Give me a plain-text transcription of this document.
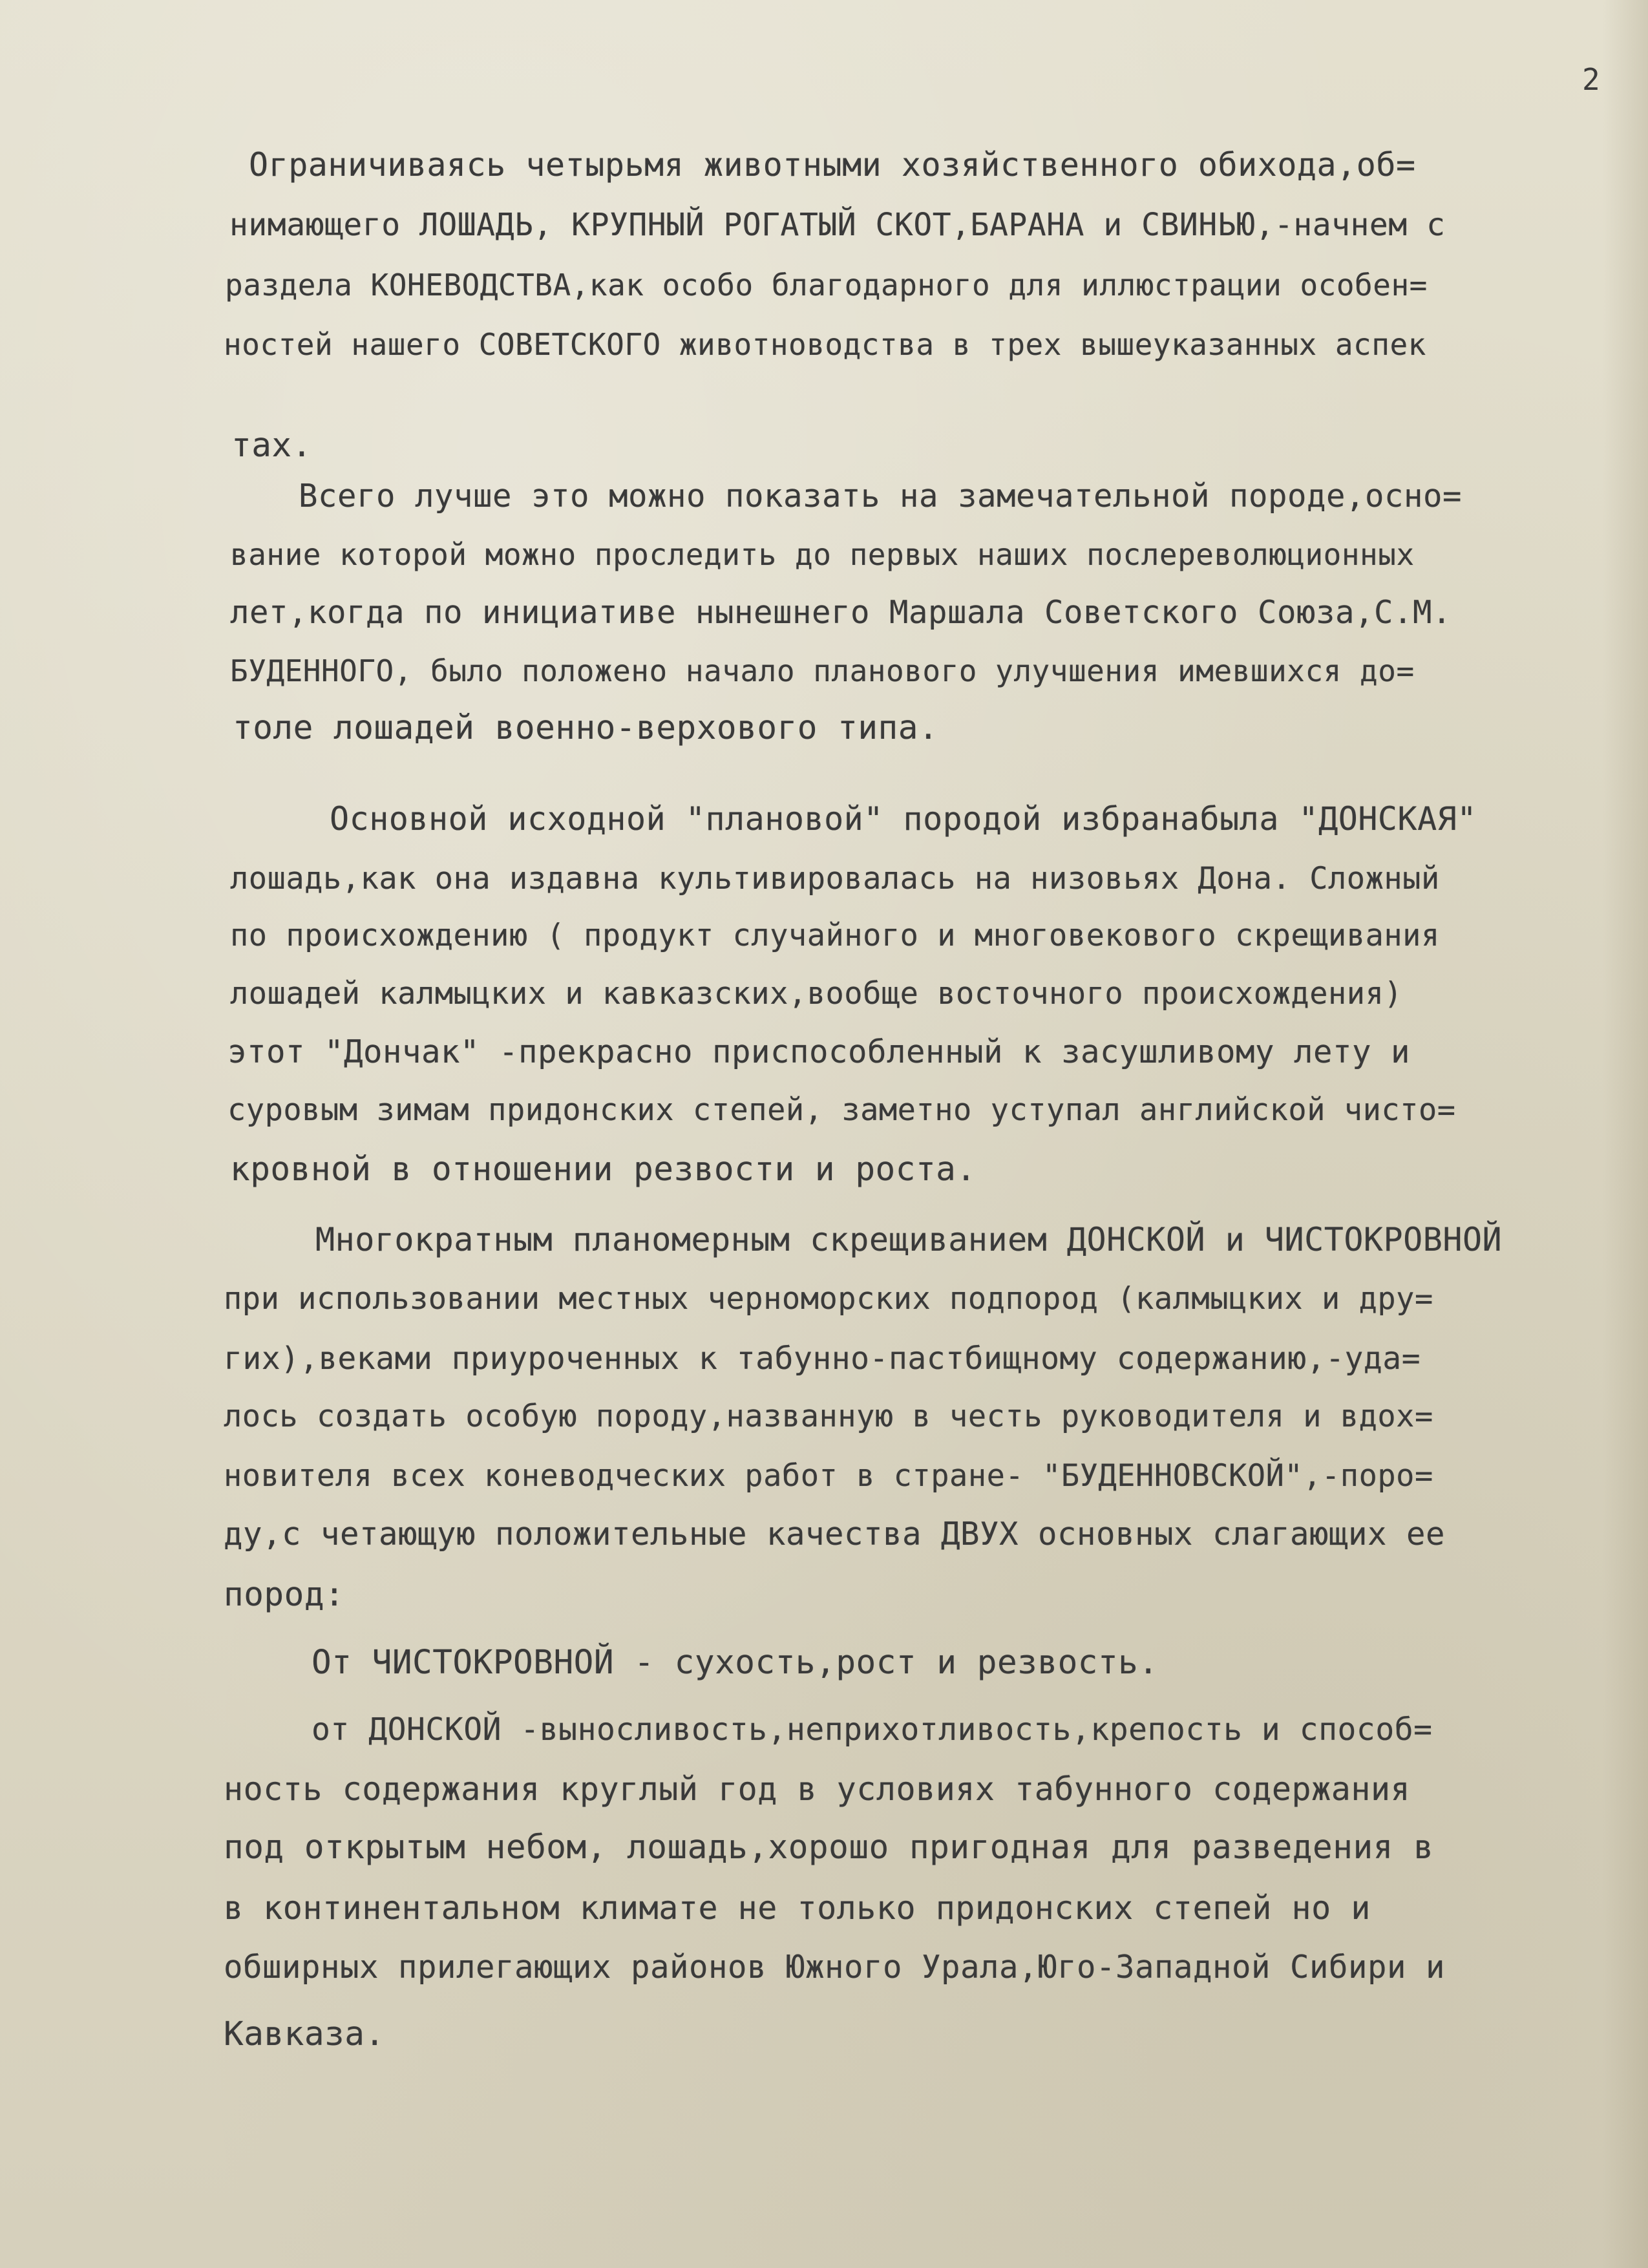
2
Ограничиваясь четырьмя животными хозяйственного обихода,об=
нимающего ЛОШАДЬ, КРУПНЫЙ РОГАТЫЙ СКОТ,БАРАНА и СВИНЬЮ,-начнем с
раздела КОНЕВОДСТВА,как особо благодарного для иллюстрации особен=
ностей нашего СОВЕТСКОГО животноводства в трех вышеуказанных аспек
тах.
Всего лучше это можно показать на замечательной породе,осно=
вание которой можно проследить до первых наших послереволюционных
лет,когда по инициативе нынешнего Маршала Советского Союза,С.М.
БУДЕННОГО, было положено начало планового улучшения имевшихся до=
толе лошадей военно-верхового типа.
Основной исходной "плановой" породой избранабыла "ДОНСКАЯ"
лошадь,как она издавна культивировалась на низовьях Дона. Сложный
по происхождению ( продукт случайного и многовекового скрещивания
лошадей калмыцких и кавказских,вообще восточного происхождения)
этот "Дончак" -прекрасно приспособленный к засушливому лету и
суровым зимам придонских степей, заметно уступал английской чисто=
кровной в отношении резвости и роста.
Многократным планомерным скрещиванием ДОНСКОЙ и ЧИСТОКРОВНОЙ
при использовании местных черноморских подпород (калмыцких и дру=
гих),веками приуроченных к табунно-пастбищному содержанию,-уда=
лось создать особую породу,названную в честь руководителя и вдох=
новителя всех коневодческих работ в стране- "БУДЕННОВСКОЙ",-поро=
ду,с четающую положительные качества ДВУХ основных слагающих ее
пород:
От ЧИСТОКРОВНОЙ - сухость,рост и резвость.
от ДОНСКОЙ -выносливость,неприхотливость,крепость и способ=
ность содержания круглый год в условиях табунного содержания
под открытым небом, лошадь,хорошо пригодная для разведения в
в континентальном климате не только придонских степей но и
обширных прилегающих районов Южного Урала,Юго-Западной Сибири и
Кавказа.
